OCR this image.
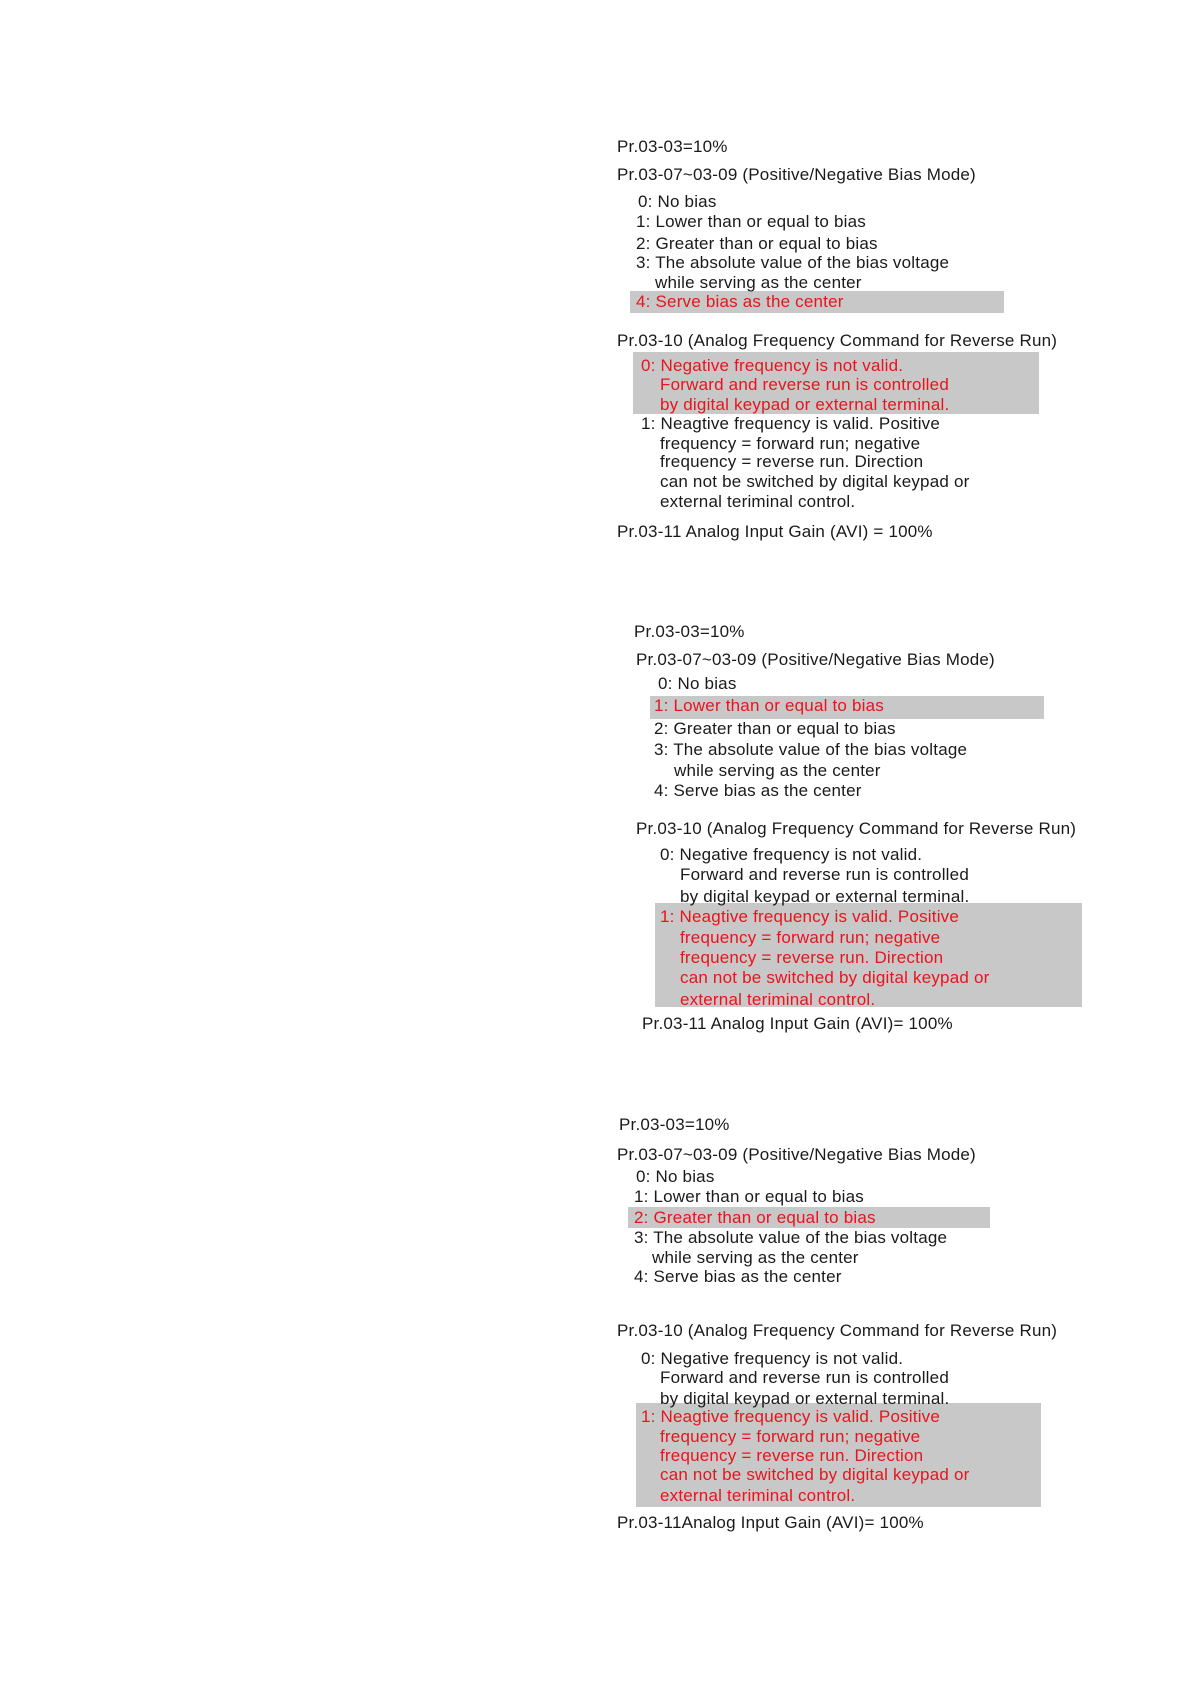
Pr.03-03=10%
Pr.03-07~03-09 (Positive/Negative Bias Mode)
0: No bias
1: Lower than or equal to bias
2: Greater than or equal to bias
3: The absolute value of the bias voltage
while serving as the center
4: Serve bias as the center
Pr.03-10 (Analog Frequency Command for Reverse Run)
0: Negative frequency is not valid.
Forward and reverse run is controlled
by digital keypad or external terminal.
1: Neagtive frequency is valid. Positive
frequency = forward run; negative
frequency = reverse run. Direction
can not be switched by digital keypad or
external teriminal control.
Pr.03-11 Analog Input Gain (AVI) = 100%
Pr.03-03=10%
Pr.03-07~03-09 (Positive/Negative Bias Mode)
0: No bias
1: Lower than or equal to bias
2: Greater than or equal to bias
3: The absolute value of the bias voltage
while serving as the center
4: Serve bias as the center
Pr.03-10 (Analog Frequency Command for Reverse Run)
0: Negative frequency is not valid.
Forward and reverse run is controlled
by digital keypad or external terminal.
1: Neagtive frequency is valid. Positive
frequency = forward run; negative
frequency = reverse run. Direction
can not be switched by digital keypad or
external teriminal control.
Pr.03-11 Analog Input Gain (AVI)= 100%
Pr.03-03=10%
Pr.03-07~03-09 (Positive/Negative Bias Mode)
0: No bias
1: Lower than or equal to bias
2: Greater than or equal to bias
3: The absolute value of the bias voltage
while serving as the center
4: Serve bias as the center
Pr.03-10 (Analog Frequency Command for Reverse Run)
0: Negative frequency is not valid.
Forward and reverse run is controlled
by digital keypad or external terminal.
1: Neagtive frequency is valid. Positive
frequency = forward run; negative
frequency = reverse run. Direction
can not be switched by digital keypad or
external teriminal control.
Pr.03-11Analog Input Gain (AVI)= 100%
